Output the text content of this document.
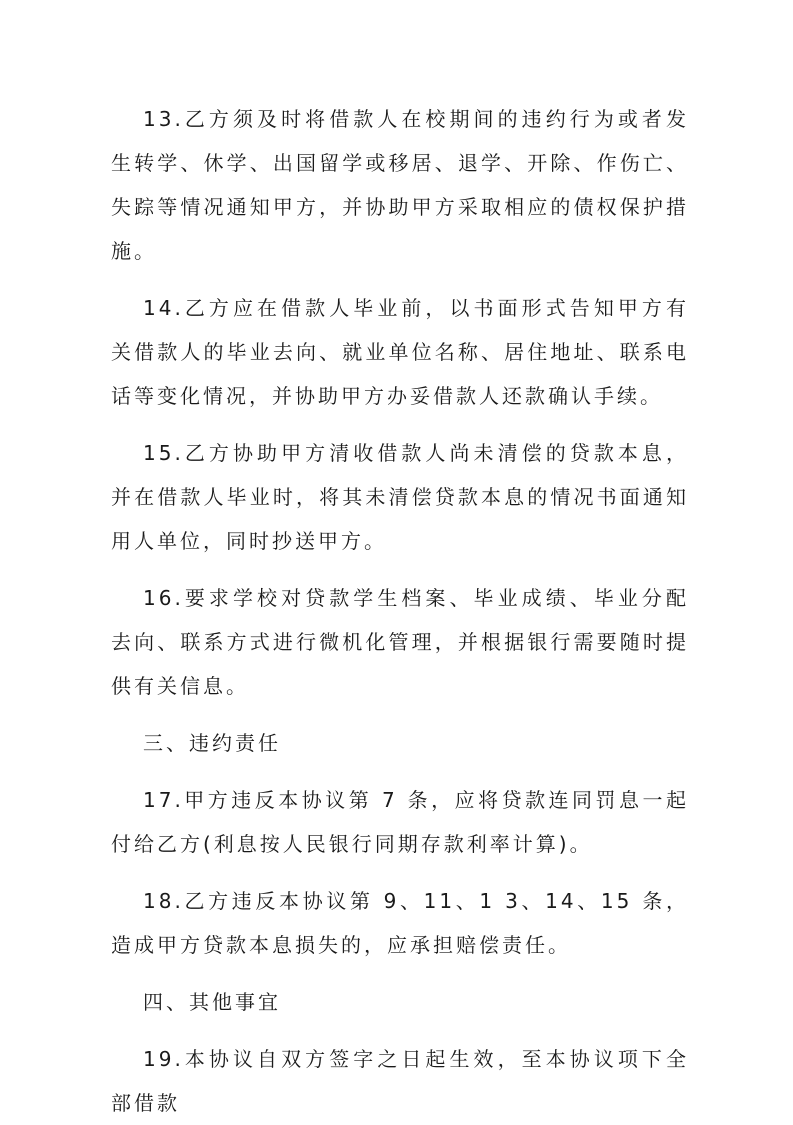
13.乙方须及时将借款人在校期间的违约行为或者发生转学、休学、出国留学或移居、退学、开除、作伤亡、失踪等情况通知甲方，并协助甲方采取相应的债权保护措施。

14.乙方应在借款人毕业前，以书面形式告知甲方有关借款人的毕业去向、就业单位名称、居住地址、联系电话等变化情况，并协助甲方办妥借款人还款确认手续。

15.乙方协助甲方清收借款人尚未清偿的贷款本息，并在借款人毕业时，将其未清偿贷款本息的情况书面通知用人单位，同时抄送甲方。

16.要求学校对贷款学生档案、毕业成绩、毕业分配去向、联系方式进行微机化管理，并根据银行需要随时提供有关信息。

三、违约责任

17.甲方违反本协议第 7 条，应将贷款连同罚息一起付给乙方(利息按人民银行同期存款利率计算)。

18.乙方违反本协议第 9、11、1 3、14、15 条，造成甲方贷款本息损失的，应承担赔偿责任。

四、其他事宜

19.本协议自双方签字之日起生效，至本协议项下全部借款
